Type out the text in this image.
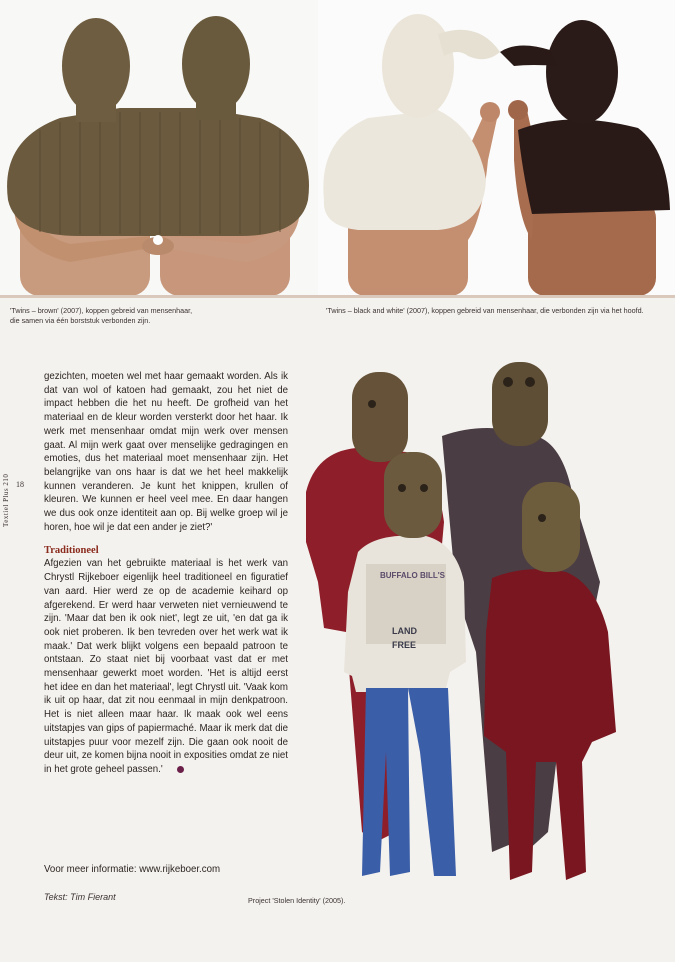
'Twins – brown' (2007), koppen gebreid van mensenhaar,
die samen via één borststuk verbonden zijn.
'Twins – black and white' (2007), koppen gebreid van mensenhaar, die verbonden zijn via het hoofd.
Textiel Plus 210 18

gezichten, moeten wel met haar gemaakt worden. Als ik dat van wol of katoen had gemaakt, zou het niet de impact hebben die het nu heeft. De grofheid van het materiaal en de kleur worden versterkt door het haar. Ik werk met mensenhaar omdat mijn werk over mensen gaat. Al mijn werk gaat over menselijke gedragingen en emoties, dus het materiaal moet mensenhaar zijn. Het belangrijke van ons haar is dat we het heel makkelijk kunnen veranderen. Je kunt het knippen, krullen of kleuren. We kunnen er heel veel mee. En daar hangen we dus ook onze identiteit aan op. Bij welke groep wil je horen, hoe wil je dat een ander je ziet?'

Traditioneel

Afgezien van het gebruikte materiaal is het werk van Chrystl Rijkeboer eigenlijk heel traditioneel en figuratief van aard. Hier werd ze op de academie keihard op afgerekend. Er werd haar verweten niet vernieuwend te zijn. 'Maar dat ben ik ook niet', legt ze uit, 'en dat ga ik ook niet proberen. Ik ben tevreden over het werk wat ik maak.' Dat werk blijkt volgens een bepaald patroon te ontstaan. Zo staat niet bij voorbaat vast dat er met mensenhaar gewerkt moet worden. 'Het is altijd eerst het idee en dan het materiaal', legt Chrystl uit. 'Vaak kom ik uit op haar, dat zit nou eenmaal in mijn denkpatroon. Het is niet alleen maar haar. Ik maak ook wel eens uitstapjes van gips of papiermaché. Maar ik merk dat die uitstapjes puur voor mezelf zijn. Die gaan ook nooit de deur uit, ze komen bijna nooit in exposities omdat ze niet in het grote geheel passen.'

Voor meer informatie: www.rijkeboer.com
Tekst: Tim Fierant
BUFFALO BILL'S
LAND
FREE
Project 'Stolen Identity' (2005).
